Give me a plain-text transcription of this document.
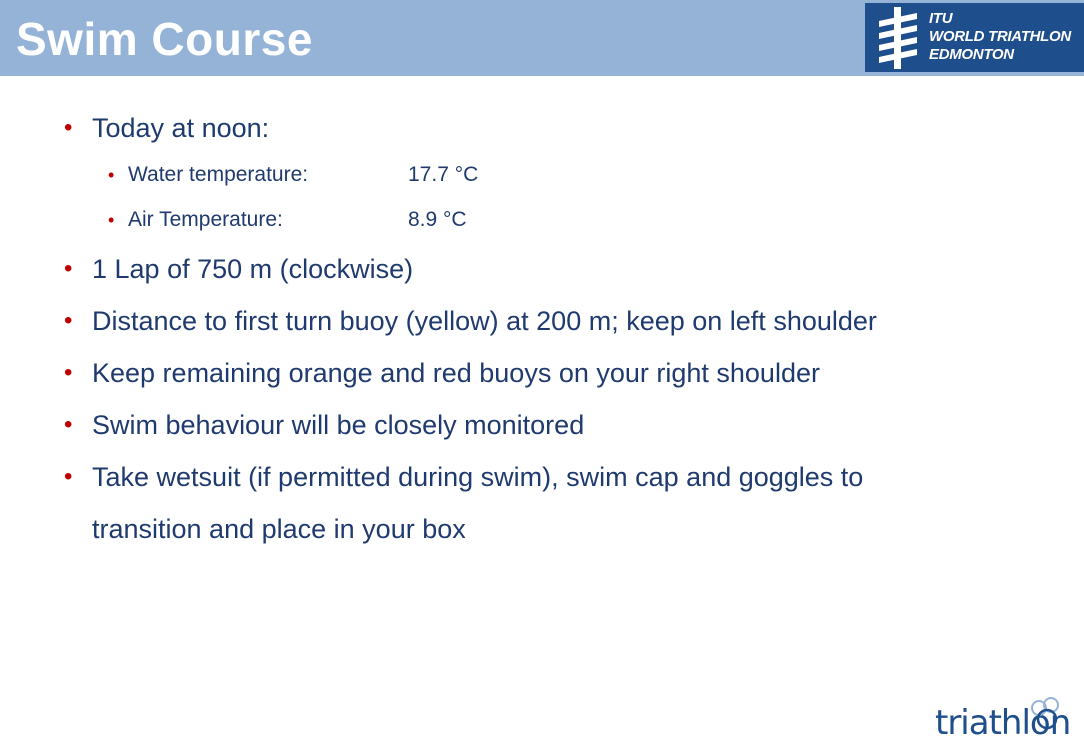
Swim Course	ITU
WORLD TRIATHLON
EDMONTON
• Today at noon:
• Water temperature:	17.7 °C
• Air Temperature:	8.9 °C
• 1 Lap of 750 m (clockwise)
• Distance to first turn buoy (yellow) at 200 m; keep on left shoulder
• Keep remaining orange and red buoys on your right shoulder
• Swim behaviour will be closely monitored
• Take wetsuit (if permitted during swim), swim cap and goggles to
transition and place in your box
triathlon
